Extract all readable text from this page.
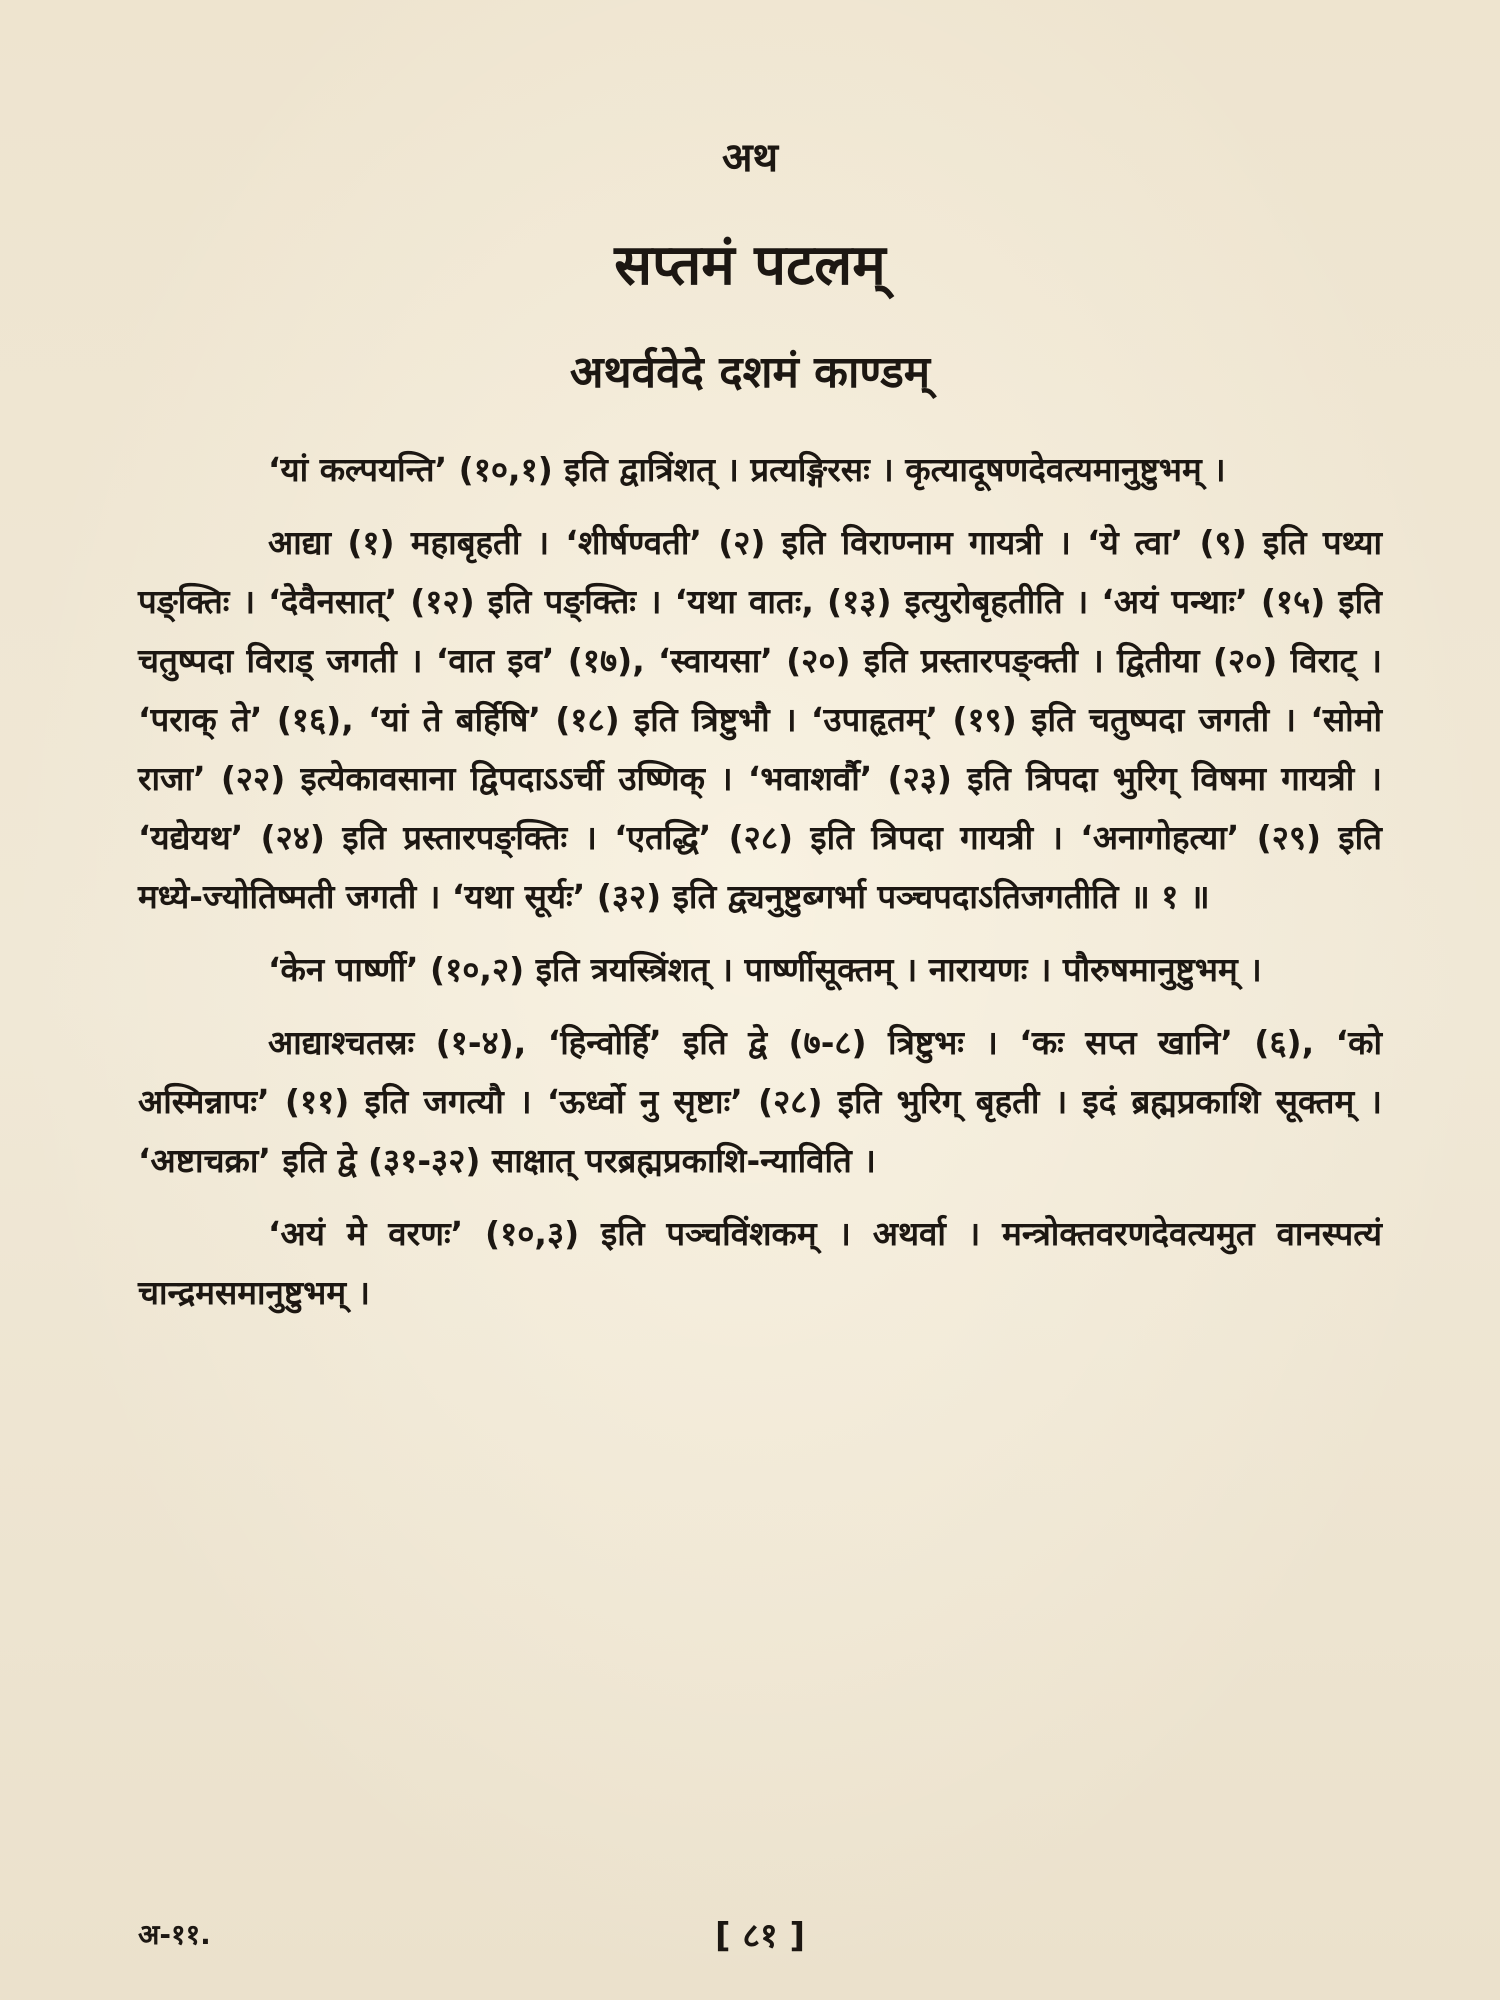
अथ
सप्तमं पटलम्
अथर्ववेदे दशमं काण्डम्

‘यां कल्पयन्ति’ (१०,१) इति द्वात्रिंशत् । प्रत्यङ्गिरसः । कृत्यादूषणदेवत्यमानुष्टुभम् ।

आद्या (१) महाबृहती । ‘शीर्षण्वती’ (२) इति विराण्नाम गायत्री । ‘ये त्वा’ (९) इति पथ्या पङ्क्तिः । ‘देवैनसात्’ (१२) इति पङ्क्तिः । ‘यथा वातः, (१३) इत्युरोबृहतीति । ‘अयं पन्थाः’ (१५) इति चतुष्पदा विराड् जगती । ‘वात इव’ (१७), ‘स्वायसा’ (२०) इति प्रस्तारपङ्क्ती । द्वितीया (२०) विराट् । ‘पराक् ते’ (१६), ‘यां ते बर्हिषि’ (१८) इति त्रिष्टुभौ । ‘उपाहृतम्’ (१९) इति चतुष्पदा जगती । ‘सोमो राजा’ (२२) इत्येकावसाना द्विपदाऽऽर्ची उष्णिक् । ‘भवाशर्वौ’ (२३) इति त्रिपदा भुरिग् विषमा गायत्री । ‘यद्येयथ’ (२४) इति प्रस्तारपङ्क्तिः । ‘एतद्धि’ (२८) इति त्रिपदा गायत्री । ‘अनागोहत्या’ (२९) इति मध्ये-ज्योतिष्मती जगती । ‘यथा सूर्यः’ (३२) इति द्व्यनुष्टुब्गर्भा पञ्चपदाऽतिजगतीति ॥ १ ॥

‘केन पार्ष्णी’ (१०,२) इति त्रयस्त्रिंशत् । पार्ष्णीसूक्तम् । नारायणः । पौरुषमानुष्टुभम् ।

आद्याश्चतस्रः (१-४), ‘हिन्वोर्हि’ इति द्वे (७-८) त्रिष्टुभः । ‘कः सप्त खानि’ (६), ‘को अस्मिन्नापः’ (११) इति जगत्यौ । ‘ऊर्ध्वो नु सृष्टाः’ (२८) इति भुरिग् बृहती । इदं ब्रह्मप्रकाशि सूक्तम् । ‘अष्टाचक्रा’ इति द्वे (३१-३२) साक्षात् परब्रह्मप्रकाशि-न्याविति ।

‘अयं मे वरणः’ (१०,३) इति पञ्चविंशकम् । अथर्वा । मन्त्रोक्तवरणदेवत्यमुत वानस्पत्यं चान्द्रमसमानुष्टुभम् ।

अ-११.	[ ८१ ]
